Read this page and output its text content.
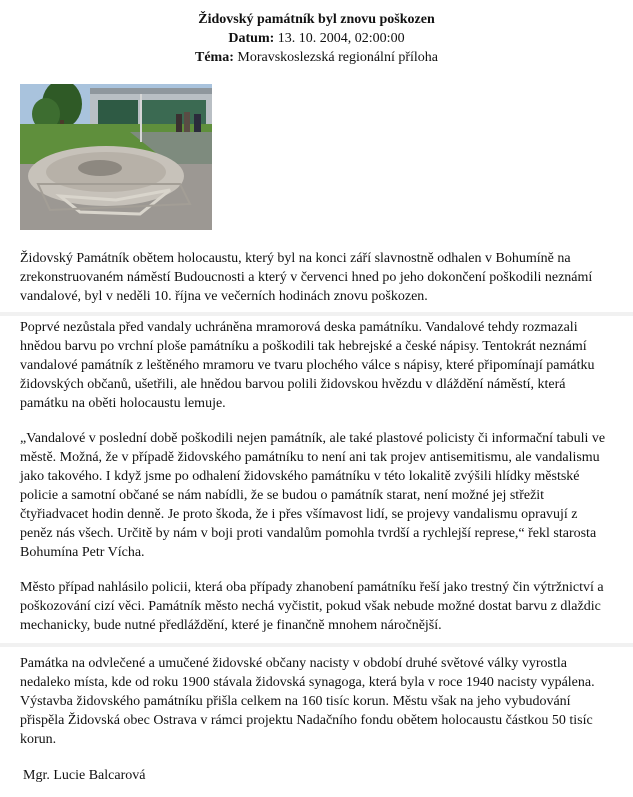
Židovský památník byl znovu poškozen
Datum: 13. 10. 2004, 02:00:00
Téma: Moravskoslezská regionální příloha
Židovský Památník obětem holocaustu, který byl na konci září slavnostně odhalen v Bohumíně na zrekonstruovaném náměstí Budoucnosti a který v červenci hned po jeho dokončení poškodili neznámí vandalové, byl v neděli 10. října ve večerních hodinách znovu poškozen.
Poprvé nezůstala před vandaly uchráněna mramorová deska památníku. Vandalové tehdy rozmazali hnědou barvu po vrchní ploše památníku a poškodili tak hebrejské a české nápisy. Tentokrát neznámí vandalové památník z leštěného mramoru ve tvaru plochého válce s nápisy, které připomínají památku židovských občanů, ušetřili, ale hnědou barvou polili židovskou hvězdu v dláždění náměstí, která památku na oběti holocaustu lemuje.
„Vandalové v poslední době poškodili nejen památník, ale také plastové policisty či informační tabuli ve městě. Možná, že v případě židovského památníku to není ani tak projev antisemitismu, ale vandalismu jako takového. I když jsme po odhalení židovského památníku v této lokalitě zvýšili hlídky městské policie a samotní občané se nám nabídli, že se budou o památník starat, není možné jej střežit čtyřiadvacet hodin denně. Je proto škoda, že i přes všímavost lidí, se projevy vandalismu opravují z peněz nás všech. Určitě by nám v boji proti vandalům pomohla tvrdší a rychlejší represe,“ řekl starosta Bohumína Petr Vícha.
Město případ nahlásilo policii, která oba případy zhanobení památníku řeší jako trestný čin výtržnictví a poškozování cizí věci. Památník město nechá vyčistit, pokud však nebude možné dostat barvu z dlaždic mechanicky, bude nutné předláždění, které je finančně mnohem náročnější.
Památka na odvlečené a umučené židovské občany nacisty v období druhé světové války vyrostla nedaleko místa, kde od roku 1900 stávala židovská synagoga, která byla v roce 1940 nacisty vypálena. Výstavba židovského památníku přišla celkem na 160 tisíc korun. Městu však na jeho vybudování přispěla Židovská obec Ostrava v rámci projektu Nadačního fondu obětem holocaustu částkou 50 tisíc korun.
Mgr. Lucie Balcarová
